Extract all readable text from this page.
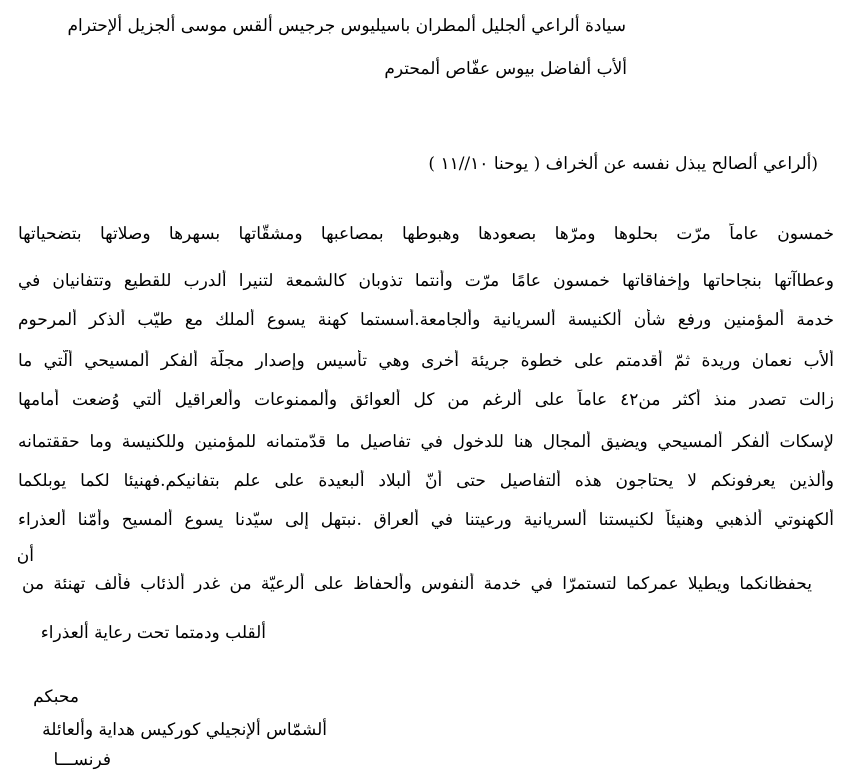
سيادة ألراعي ألجليل ألمطران باسيليوس جرجيس ألقس موسى ألجزيل ألإحترام
ألأب ألفاضل بيوس عفّاص ألمحترم
(ألراعي ألصالح يبذل نفسه عن ألخراف ( يوحنا ١٠//١١ )
خمسون عاماً مرّت بحلوها ومرّها بصعودها وهبوطها بمصاعبها ومشقّاتها بسهرها وصلاتها بتضحياتها
وعطاآتها بنجاحاتها وإخفاقاتها خمسون عامًا مرّت وأنتما تذوبان كالشمعة لتنيرا ألدرب للقطيع وتتفانيان في
خدمة ألمؤمنين ورفع شأن ألكنيسة ألسريانية وألجامعة.أسستما كهنة يسوع ألملك مع طيّب ألذكر ألمرحوم
ألأب نعمان وريدة ثمّ أقدمتم على خطوة جريئة أخرى وهي تأسيس وإصدار مجلّة ألفكر ألمسيحي ألّتي ما
زالت تصدر منذ أكثر من٤٢ عاماً على ألرغم من كل ألعوائق وألممنوعات وألعراقيل ألتي وُضعت أمامها
لإسكات ألفكر ألمسيحي ويضيق ألمجال هنا للدخول في تفاصيل ما قدّمتمانه للمؤمنين وللكنيسة وما حققتمانه
وألذين يعرفونكم لا يحتاجون هذه ألتفاصيل حتى أنّ ألبلاد ألبعيدة على علم بتفانيكم.فهنيئا لكما يوبلكما
ألكهنوتي ألذهبي وهنيئاً لكنيستنا ألسريانية ورعيتنا في ألعراق .نبتهل إلى سيّدنا يسوع ألمسيح وأمّنا ألعذراء
أن
يحفظانكما ويطيلا عمركما لتستمرّا في خدمة ألنفوس وألحفاظ على ألرعيّة من غدر ألذئاب فألف تهنئة من
ألقلب ودمتما تحت رعاية ألعذراء
محبكم
ألشمّاس ألإنجيلي كوركيس هداية وألعائلة
فرنســـا
